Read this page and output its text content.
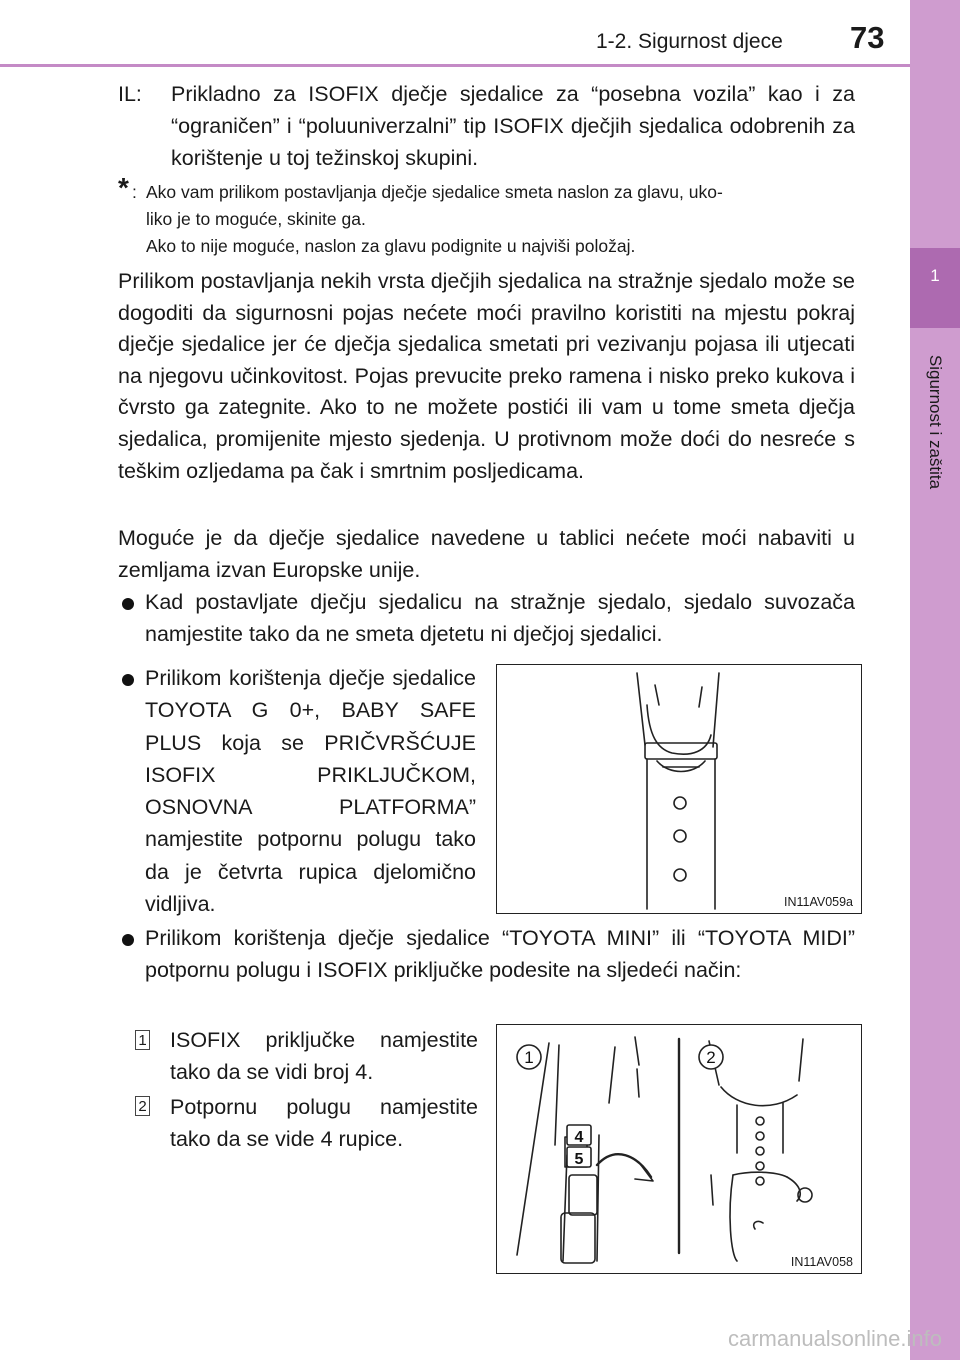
1-2. Sigurnost djece 73
1
Sigurnost i zaštita
IL: Prikladno za ISOFIX dječje sjedalice za “posebna vozila” kao i za “ograničen” i “poluuniverzalni” tip ISOFIX dječjih sjedalica odobrenih za korištenje u toj težinskoj skupini.
* : Ako vam prilikom postavljanja dječje sjedalice smeta naslon za glavu, uko-
liko je to moguće, skinite ga.
Ako to nije moguće, naslon za glavu podignite u najviši položaj.
Prilikom postavljanja nekih vrsta dječjih sjedalica na stražnje sjedalo može se dogoditi da sigurnosni pojas nećete moći pravilno koristiti na mjestu pokraj dječje sjedalice jer će dječja sjedalica smetati pri vezivanju pojasa ili utjecati na njegovu učinkovitost. Pojas prevucite preko ramena i nisko preko kukova i čvrsto ga zategnite. Ako to ne možete postići ili vam u tome smeta dječja sjedalica, promijenite mjesto sjedenja. U protivnom može doći do nesreće s teškim ozljedama pa čak i smrtnim posljedicama.
Moguće je da dječje sjedalice navedene u tablici nećete moći nabaviti u zemljama izvan Europske unije.
Kad postavljate dječju sjedalicu na stražnje sjedalo, sjedalo suvozača namjestite tako da ne smeta djetetu ni dječjoj sjedalici.
Prilikom korištenja dječje sjedalice TOYOTA G 0+, BABY SAFE PLUS koja se PRIČVRŠĆUJE ISOFIX PRIKLJUČKOM, OSNOVNA PLATFORMA” namjestite potpornu polugu tako da je četvrta rupica djelomično vidljiva.	IN11AV059a
Prilikom korištenja dječje sjedalice “TOYOTA MINI” ili “TOYOTA MIDI” potpornu polugu i ISOFIX priključke podesite na sljedeći način:
1 ISOFIX priključke namjestite tako da se vidi broj 4.
2 Potpornu polugu namjestite tako da se vide 4 rupice.
1	2
4
5
IN11AV058
carmanualsonline.info
